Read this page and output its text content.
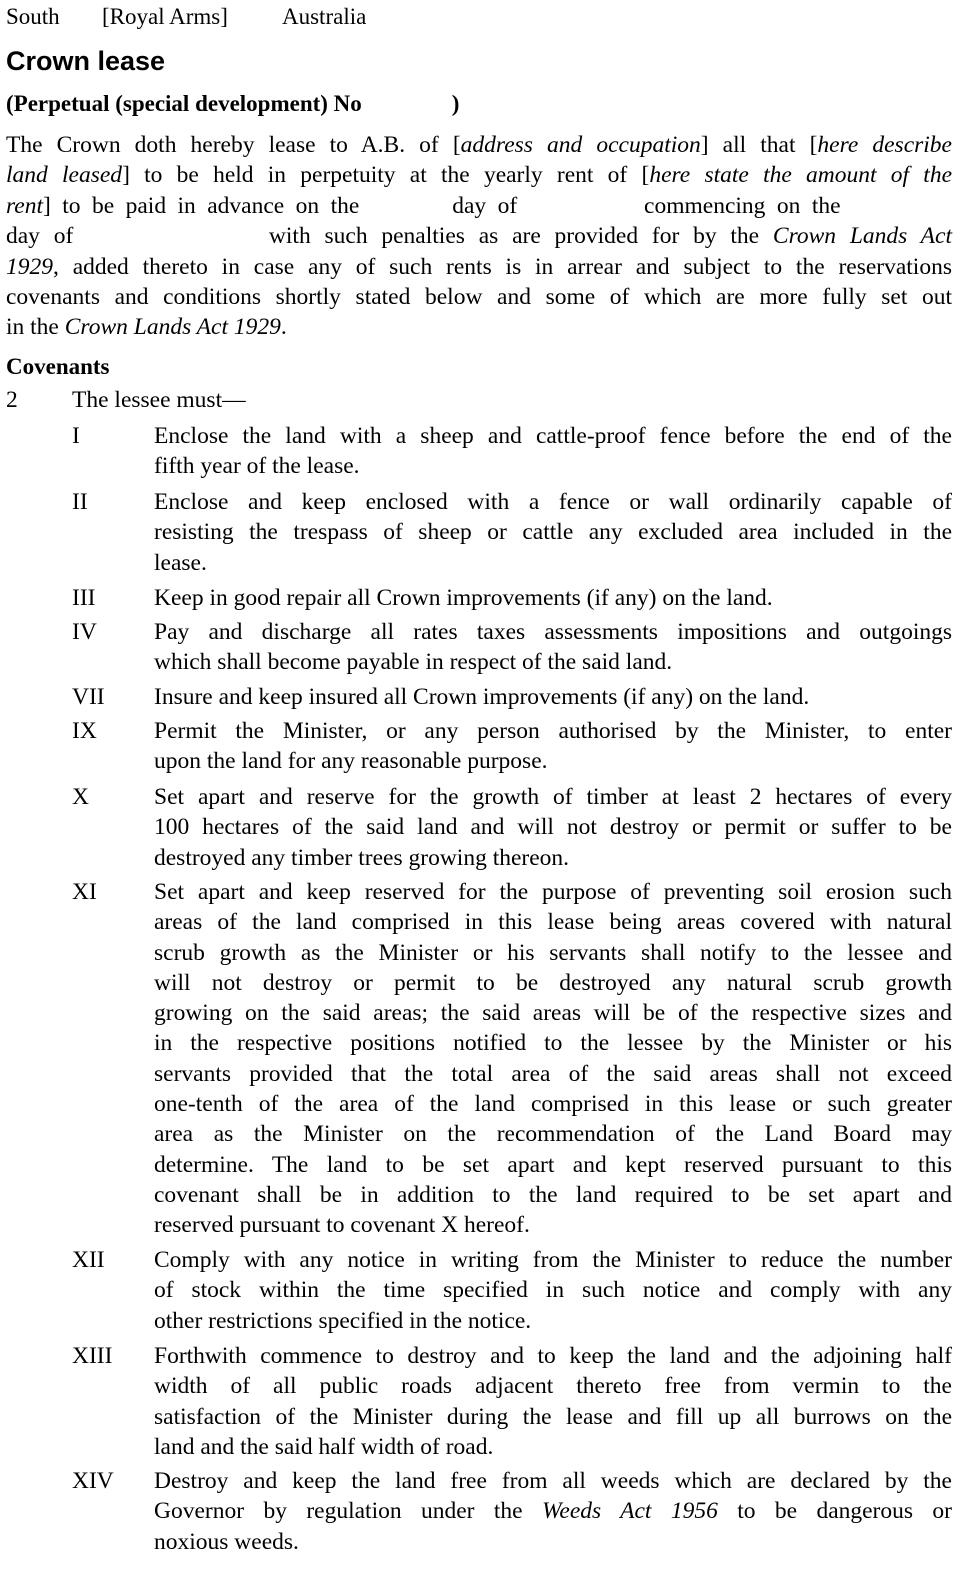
South [Royal Arms] Australia
Crown lease
(Perpetual (special development) No	)
The Crown doth hereby lease to A.B. of [address and occupation] all that [here describe
land leased] to be held in perpetuity at the yearly rent of [here state the amount of the
rent] to be paid in advance on the	day of	commencing on the
day of	with such penalties as are provided for by the Crown Lands Act
1929, added thereto in case any of such rents is in arrear and subject to the reservations
covenants and conditions shortly stated below and some of which are more fully set out
in the Crown Lands Act 1929.
Covenants
2 The lessee must—
I	Enclose the land with a sheep and cattle-proof fence before the end of the
fifth year of the lease.
II	Enclose and keep enclosed with a fence or wall ordinarily capable of
resisting the trespass of sheep or cattle any excluded area included in the
lease.
III Keep in good repair all Crown improvements (if any) on the land.
IV Pay and discharge all rates taxes assessments impositions and outgoings
which shall become payable in respect of the said land.
VII Insure and keep insured all Crown improvements (if any) on the land.
IX Permit the Minister, or any person authorised by the Minister, to enter
upon the land for any reasonable purpose.
X	Set apart and reserve for the growth of timber at least 2 hectares of every
100 hectares of the said land and will not destroy or permit or suffer to be
destroyed any timber trees growing thereon.
XI Set apart and keep reserved for the purpose of preventing soil erosion such
areas of the land comprised in this lease being areas covered with natural
scrub growth as the Minister or his servants shall notify to the lessee and
will not destroy or permit to be destroyed any natural scrub growth
growing on the said areas; the said areas will be of the respective sizes and
in the respective positions notified to the lessee by the Minister or his
servants provided that the total area of the said areas shall not exceed
one-tenth of the area of the land comprised in this lease or such greater
area as the Minister on the recommendation of the Land Board may
determine. The land to be set apart and kept reserved pursuant to this
covenant shall be in addition to the land required to be set apart and
reserved pursuant to covenant X hereof.
XII Comply with any notice in writing from the Minister to reduce the number
of stock within the time specified in such notice and comply with any
other restrictions specified in the notice.
XIII Forthwith commence to destroy and to keep the land and the adjoining half
width of all public roads adjacent thereto free from vermin to the
satisfaction of the Minister during the lease and fill up all burrows on the
land and the said half width of road.
XIV Destroy and keep the land free from all weeds which are declared by the
Governor by regulation under the Weeds Act 1956 to be dangerous or
noxious weeds.
